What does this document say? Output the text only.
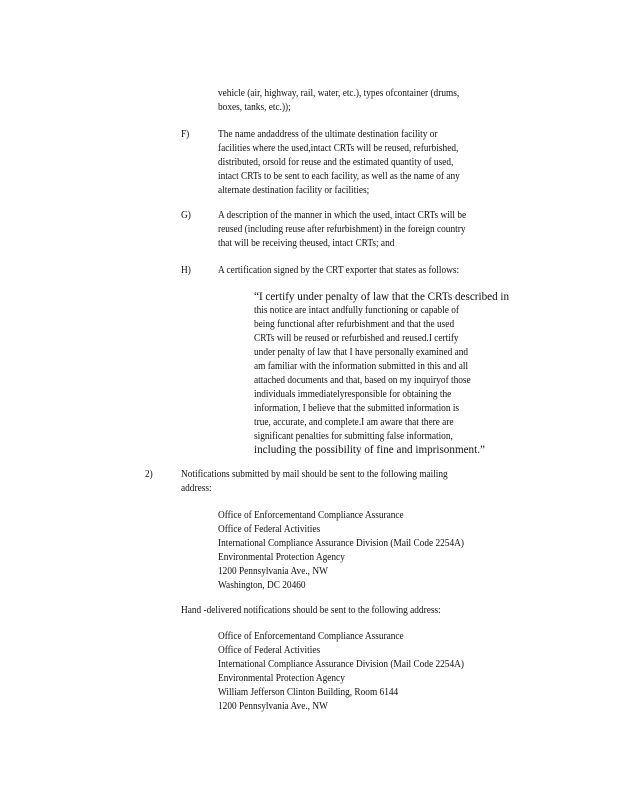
vehicle (air, highway, rail, water, etc.), types ofcontainer (drums,
boxes, tanks, etc.));
F)	The name andaddress of the ultimate destination facility or
facilities where the used,intact CRTs will be reused, refurbished,
distributed, orsold for reuse and the estimated quantity of used,
intact CRTs to be sent to each facility, as well as the name of any
alternate destination facility or facilities;
G)	A description of the manner in which the used, intact CRTs will be
reused (including reuse after refurbishment) in the foreign country
that will be receiving theused, intact CRTs; and
H)	A certification signed by the CRT exporter that states as follows:
“I certify under penalty of law that the CRTs described in
this notice are intact andfully functioning or capable of
being functional after refurbishment and that the used
CRTs will be reused or refurbished and reused.I certify
under penalty of law that I have personally examined and
am familiar with the information submitted in this and all
attached documents and that, based on my inquiryof those
individuals immediatelyresponsible for obtaining the
information, I believe that the submitted information is
true, accurate, and complete.I am aware that there are
significant penalties for submitting false information,
including the possibility of fine and imprisonment.”
2)	Notifications submitted by mail should be sent to the following mailing
address:
Office of Enforcementand Compliance Assurance
Office of Federal Activities
International Compliance Assurance Division (Mail Code 2254A)
Environmental Protection Agency
1200 Pennsylvania Ave., NW
Washington, DC 20460
Hand -delivered notifications should be sent to the following address:
Office of Enforcementand Compliance Assurance
Office of Federal Activities
International Compliance Assurance Division (Mail Code 2254A)
Environmental Protection Agency
William Jefferson Clinton Building, Room 6144
1200 Pennsylvania Ave., NW
